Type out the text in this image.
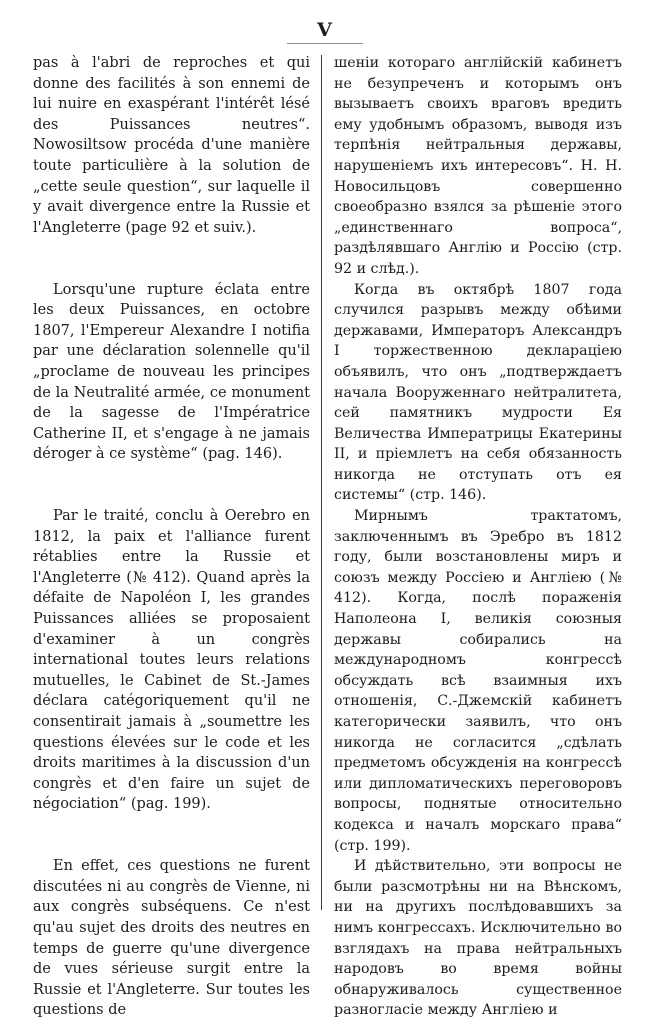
V
pas à l'abri de reproches et qui donne des facilités à son ennemi de lui nuire en exaspérant l'intérêt lésé des Puissances neutres“. Nowosiltsow procéda d'une manière toute particulière à la solution de „cette seule question“, sur laquelle il y avait divergence entre la Russie et l'Angleterre (page 92 et suiv.).
шеніи котораго англійскій кабинетъ не безупреченъ и которымъ онъ вызываетъ своихъ враговъ вредить ему удобнымъ образомъ, выводя изъ терпѣнія нейтральныя державы, нарушеніемъ ихъ интересовъ“. Н. Н. Новосильцовъ совершенно своеобразно взялся за рѣшеніе этого „единственнаго вопроса“, раздѣлявшаго Англію и Россію (стр. 92 и слѣд.).
Lorsqu'une rupture éclata entre les deux Puissances, en octobre 1807, l'Empereur Alexandre I notifia par une déclaration solennelle qu'il „proclame de nouveau les principes de la Neutralité armée, ce monument de la sagesse de l'Impératrice Catherine II, et s'engage à ne jamais déroger à ce système“ (pag. 146).
Когда въ октябрѣ 1807 года случился разрывъ между обѣими державами, Императоръ Александръ I торжественною деклараціею объявилъ, что онъ „подтверждаетъ начала Вооруженнаго нейтралитета, сей памятникъ мудрости Ея Величества Императрицы Екатерины II, и пріемлетъ на себя обязанность никогда не отступать отъ ея системы“ (стр. 146).
Par le traité, conclu à Oerebro en 1812, la paix et l'alliance furent rétablies entre la Russie et l'Angleterre (№ 412). Quand après la défaite de Napoléon I, les grandes Puissances alliées se proposaient d'examiner à un congrès international toutes leurs relations mutuelles, le Cabinet de St.-James déclara catégoriquement qu'il ne consentirait jamais à „soumettre les questions élevées sur le code et les droits maritimes à la discussion d'un congrès et d'en faire un sujet de négociation“ (pag. 199).
Мирнымъ трактатомъ, заключеннымъ въ Эребро въ 1812 году, были возстановлены миръ и союзъ между Россіею и Англіею (№ 412). Когда, послѣ пораженія Наполеона I, великія союзныя державы собирались на международномъ конгрессѣ обсуждать всѣ взаимныя ихъ отношенія, С.-Джемскій кабинетъ категорически заявилъ, что онъ никогда не согласится „сдѣлать предметомъ обсужденія на конгрессѣ или дипломатическихъ переговоровъ вопросы, поднятые относительно кодекса и началъ морскаго права“ (стр. 199).
En effet, ces questions ne furent discutées ni au congrès de Vienne, ni aux congrès subséquens. Ce n'est qu'au sujet des droits des neutres en temps de guerre qu'une divergence de vues sérieuse surgit entre la Russie et l'Angleterre. Sur toutes les questions de
И дѣйствительно, эти вопросы не были разсмотрѣны ни на Вѣнскомъ, ни на другихъ послѣдовавшихъ за нимъ конгрессахъ. Исключительно во взглядахъ на права нейтральныхъ народовъ во время войны обнаруживалось существенное разногласіе между Англіею и
